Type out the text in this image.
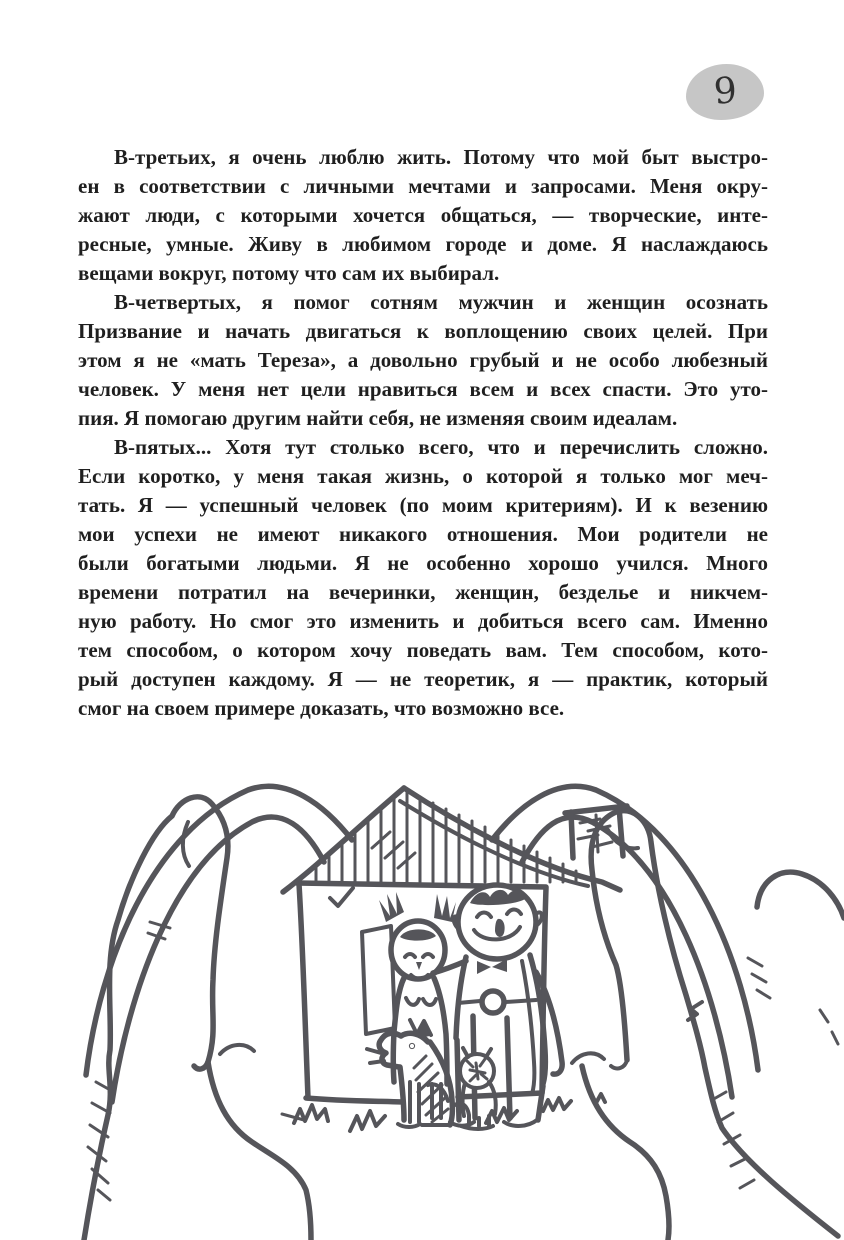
9

В-третьих, я очень люблю жить. Потому что мой быт выстро-
ен в соответствии с личными мечтами и запросами. Меня окру-
жают люди, с которыми хочется общаться, — творческие, инте-
ресные, умные. Живу в любимом городе и доме. Я наслаждаюсь
вещами вокруг, потому что сам их выбирал.

В-четвертых, я помог сотням мужчин и женщин осознать
Призвание и начать двигаться к воплощению своих целей. При
этом я не «мать Тереза», а довольно грубый и не особо любезный
человек. У меня нет цели нравиться всем и всех спасти. Это уто-
пия. Я помогаю другим найти себя, не изменяя своим идеалам.

В-пятых... Хотя тут столько всего, что и перечислить сложно.
Если коротко, у меня такая жизнь, о которой я только мог меч-
тать. Я — успешный человек (по моим критериям). И к везению
мои успехи не имеют никакого отношения. Мои родители не
были богатыми людьми. Я не особенно хорошо учился. Много
времени потратил на вечеринки, женщин, безделье и никчем-
ную работу. Но смог это изменить и добиться всего сам. Именно
тем способом, о котором хочу поведать вам. Тем способом, кото-
рый доступен каждому. Я — не теоретик, я — практик, который
смог на своем примере доказать, что возможно все.
